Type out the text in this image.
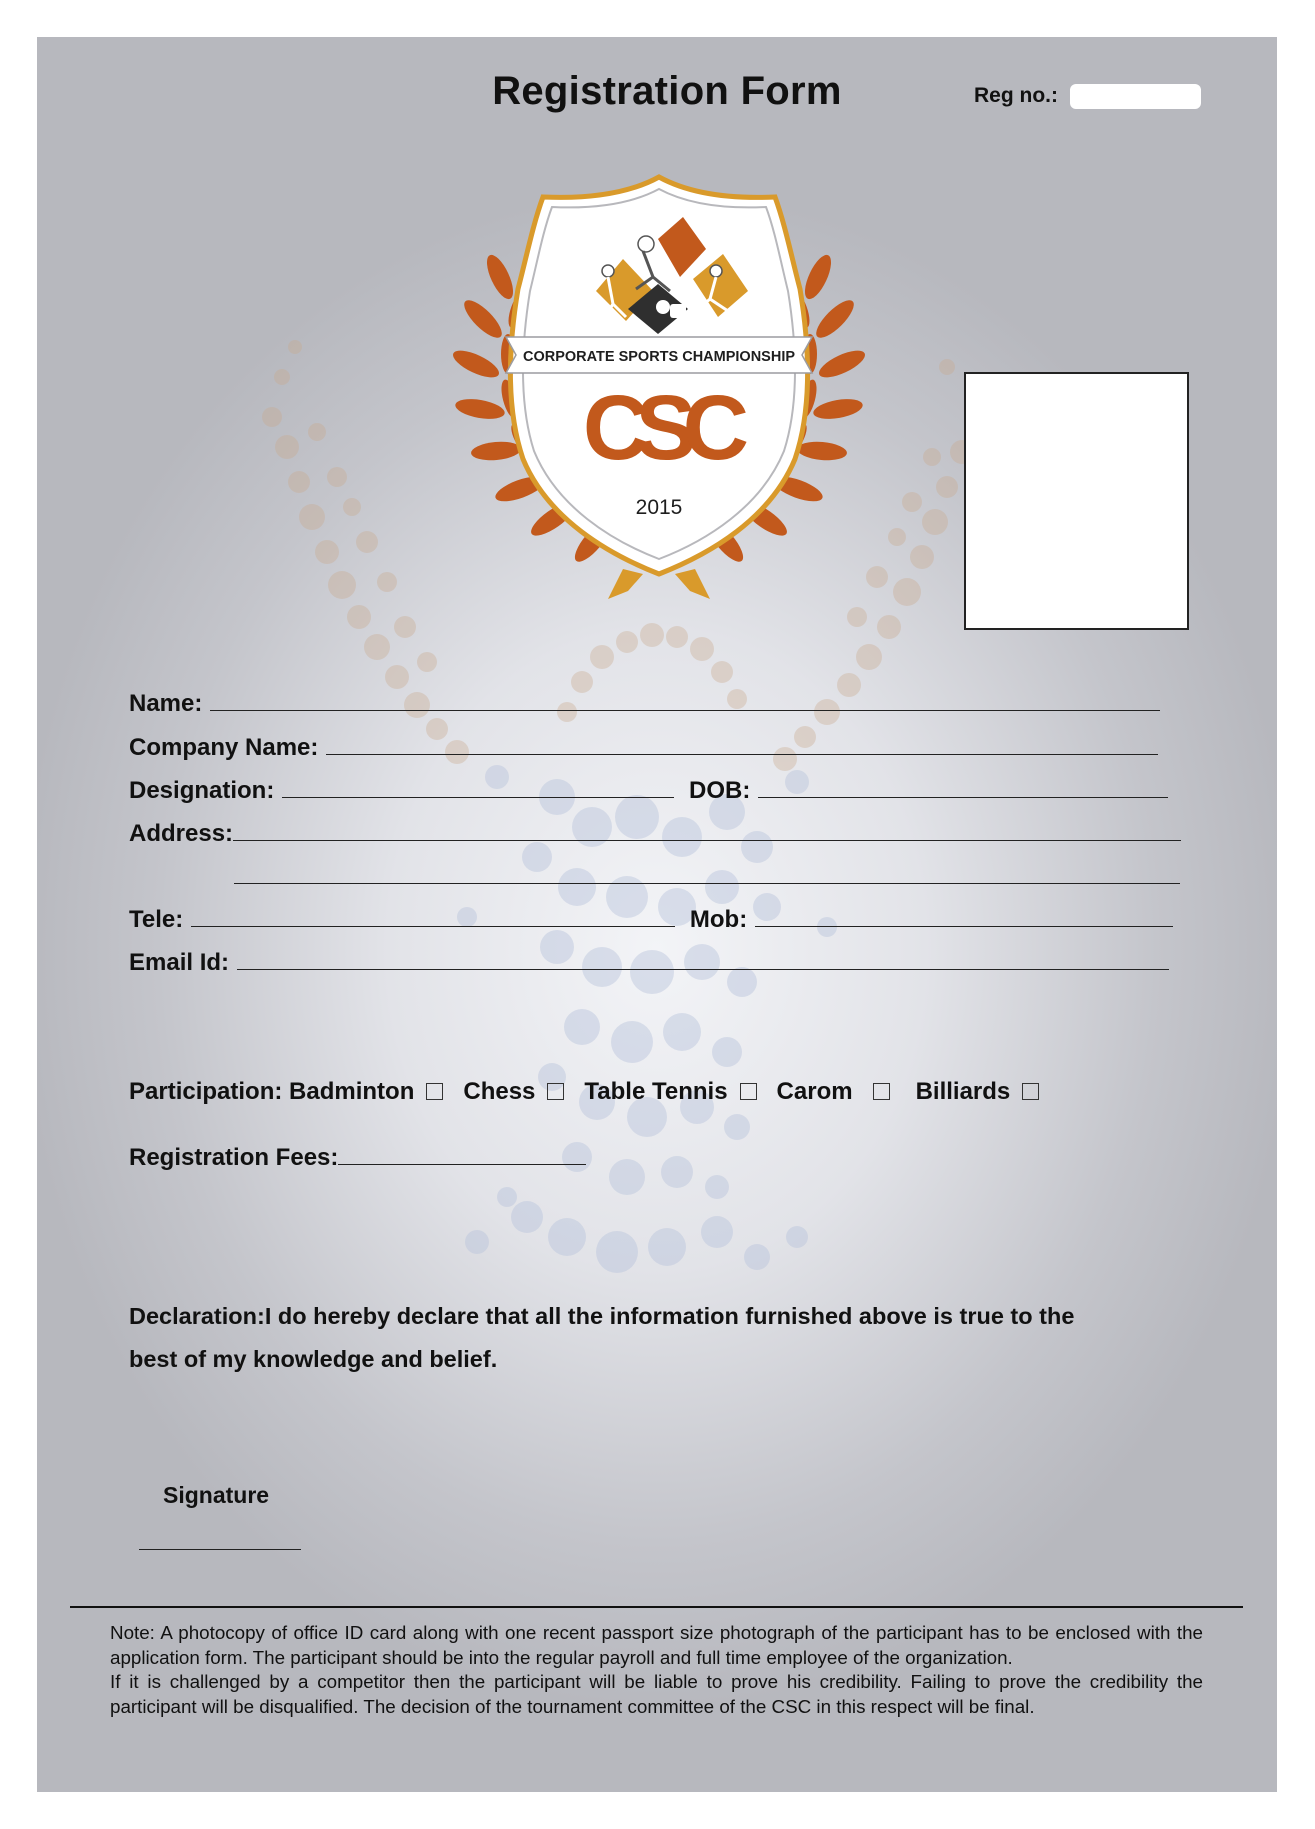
Registration Form	Reg no.:
CORPORATE SPORTS CHAMPIONSHIP
CSC
2015
Name:
Company Name:
Designation:	DOB:
Address:
Tele:	Mob:
Email Id:
Participation: Badminton Chess Table Tennis Carom	Billiards
Registration Fees:
Declaration:I do hereby declare that all the information furnished above is true to the
best of my knowledge and belief.
Signature

Note: A photocopy of office ID card along with one recent passport size photograph of the participant has to be enclosed with the application form. The participant should be into the regular payroll and full time employee of the organization.

If it is challenged by a competitor then the participant will be liable to prove his credibility. Failing to prove the credibility the participant will be disqualified. The decision of the tournament committee of the CSC in this respect will be final.
